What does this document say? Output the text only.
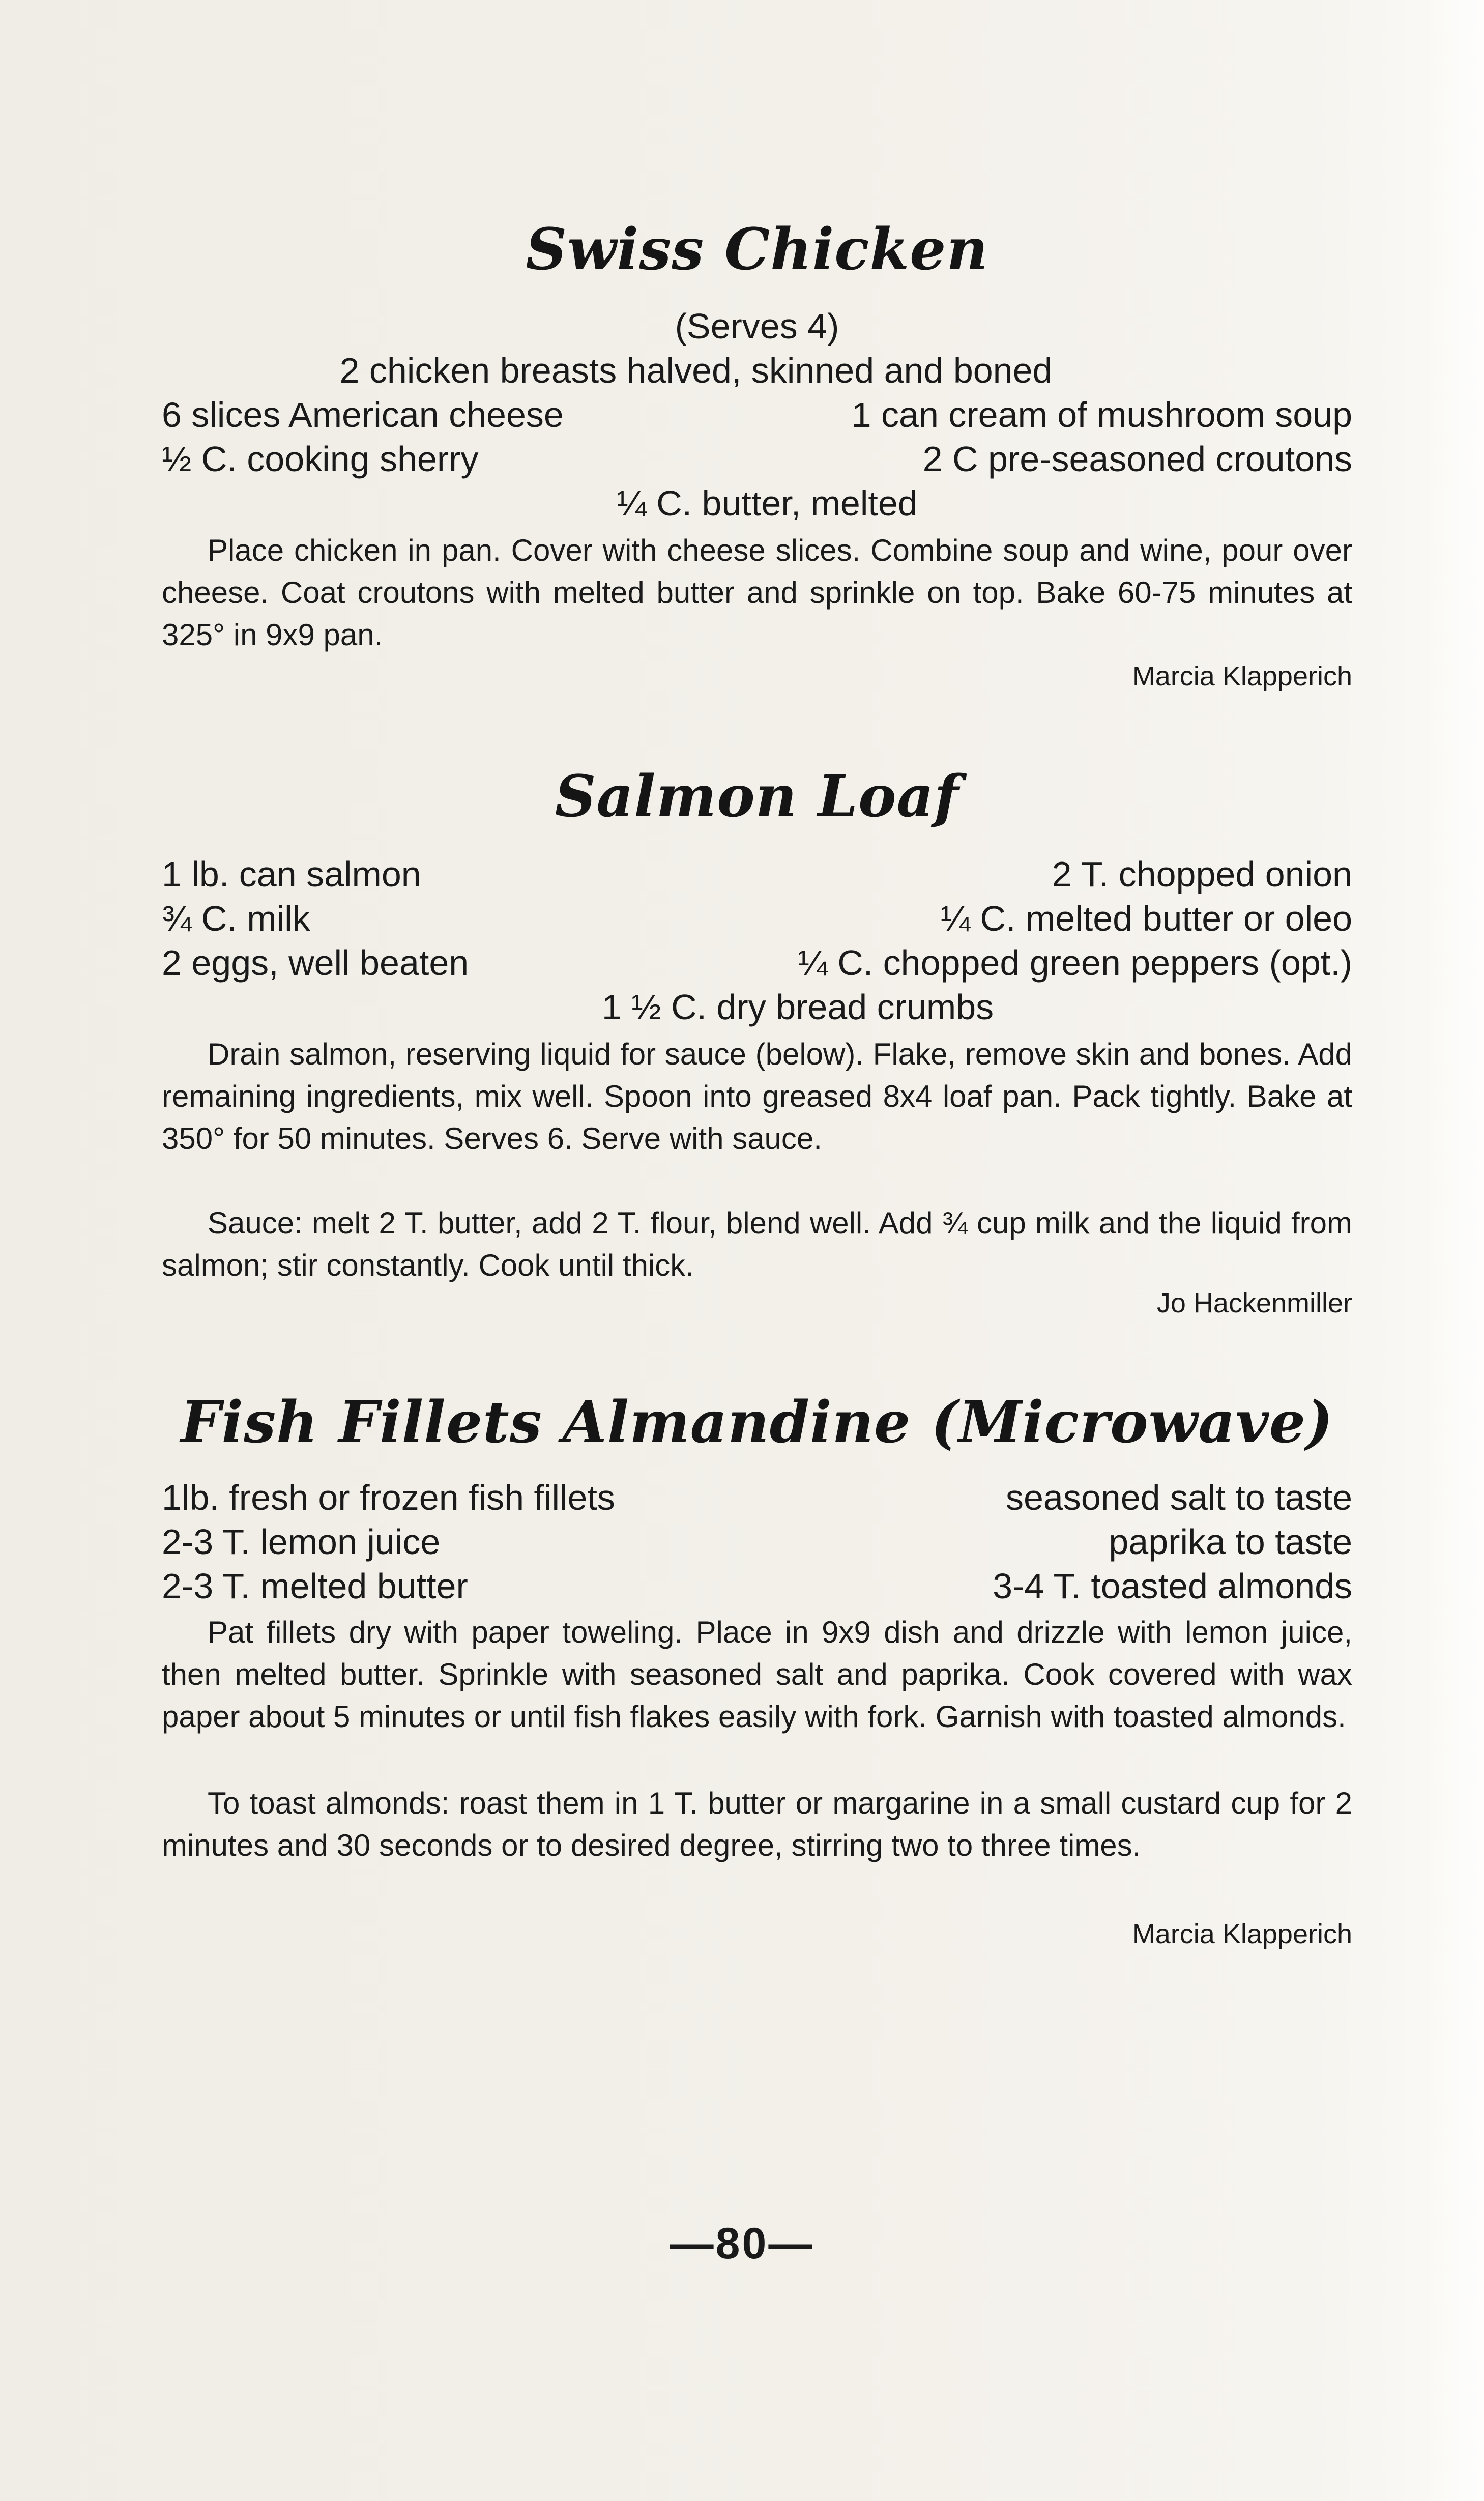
Swiss Chicken
(Serves 4)
2 chicken breasts halved, skinned and boned
6 slices American cheese	1 can cream of mushroom soup
½ C. cooking sherry	2 C pre-seasoned croutons
¼ C. butter, melted
Place chicken in pan. Cover with cheese slices. Combine soup and wine, pour over cheese. Coat croutons with melted butter and sprinkle on top. Bake 60-75 minutes at 325° in 9x9 pan.
Marcia Klapperich
Salmon Loaf
1 lb. can salmon	2 T. chopped onion
¾ C. milk	¼ C. melted butter or oleo
2 eggs, well beaten	¼ C. chopped green peppers (opt.)
1 ½ C. dry bread crumbs
Drain salmon, reserving liquid for sauce (below). Flake, remove skin and bones. Add remaining ingredients, mix well. Spoon into greased 8x4 loaf pan. Pack tightly. Bake at 350° for 50 minutes. Serves 6. Serve with sauce.
Sauce: melt 2 T. butter, add 2 T. flour, blend well. Add ¾ cup milk and the liquid from salmon; stir constantly. Cook until thick.
Jo Hackenmiller
Fish Fillets Almandine (Microwave)
1lb. fresh or frozen fish fillets	seasoned salt to taste
2-3 T. lemon juice	paprika to taste
2-3 T. melted butter	3-4 T. toasted almonds
Pat fillets dry with paper toweling. Place in 9x9 dish and drizzle with lemon juice, then melted butter. Sprinkle with seasoned salt and paprika. Cook covered with wax paper about 5 minutes or until fish flakes easily with fork. Garnish with toasted almonds.
To toast almonds: roast them in 1 T. butter or margarine in a small custard cup for 2 minutes and 30 seconds or to desired degree, stirring two to three times.
Marcia Klapperich
—80—
